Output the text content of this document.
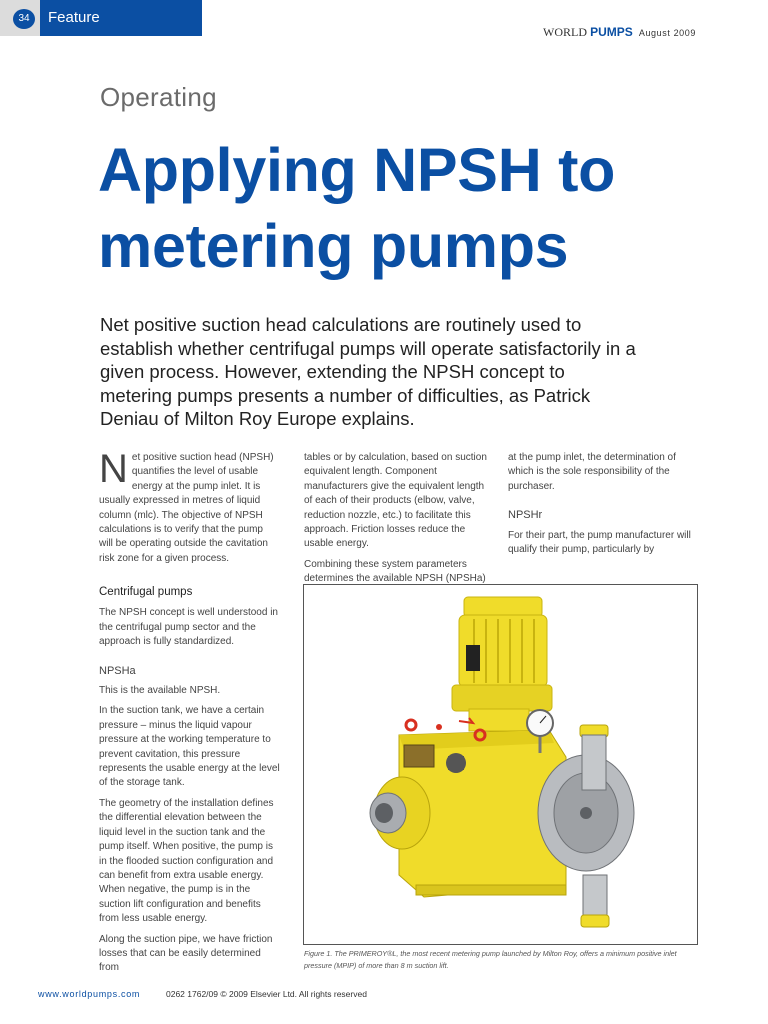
34	Feature
WORLD PUMPS August 2009
Operating
Applying NPSH to metering pumps
Net positive suction head calculations are routinely used to establish whether centrifugal pumps will operate satisfactorily in a given process. However, extending the NPSH concept to metering pumps presents a number of difficulties, as Patrick Deniau of Milton Roy Europe explains.

Net positive suction head (NPSH) quantifies the level of usable energy at the pump inlet. It is usually expressed in metres of liquid column (mlc). The objective of NPSH calculations is to verify that the pump will be operating outside the cavitation risk zone for a given process.

Centrifugal pumps

The NPSH concept is well understood in the centrifugal pump sector and the approach is fully standardized.

NPSHa

This is the available NPSH.

In the suction tank, we have a certain pressure – minus the liquid vapour pressure at the working temperature to prevent cavitation, this pressure represents the usable energy at the level of the storage tank.

The geometry of the installation defines the differential elevation between the liquid level in the suction tank and the pump itself. When positive, the pump is in the flooded suction configuration and can benefit from extra usable energy. When negative, the pump is in the suction lift configuration and benefits from less usable energy.

Along the suction pipe, we have friction losses that can be easily determined from

tables or by calculation, based on suction equivalent length. Component manufacturers give the equivalent length of each of their products (elbow, valve, reduction nozzle, etc.) to facilitate this approach. Friction losses reduce the usable energy.

Combining these system parameters determines the available NPSH (NPSHa)

at the pump inlet, the determination of which is the sole responsibility of the purchaser.

NPSHr

For their part, the pump manufacturer will qualify their pump, particularly by

Figure 1. The PRIMEROY®L, the most recent metering pump launched by Milton Roy, offers a minimum positive inlet pressure (MPIP) of more than 8 m suction lift.
www.worldpumps.com	0262 1762/09 © 2009 Elsevier Ltd. All rights reserved
